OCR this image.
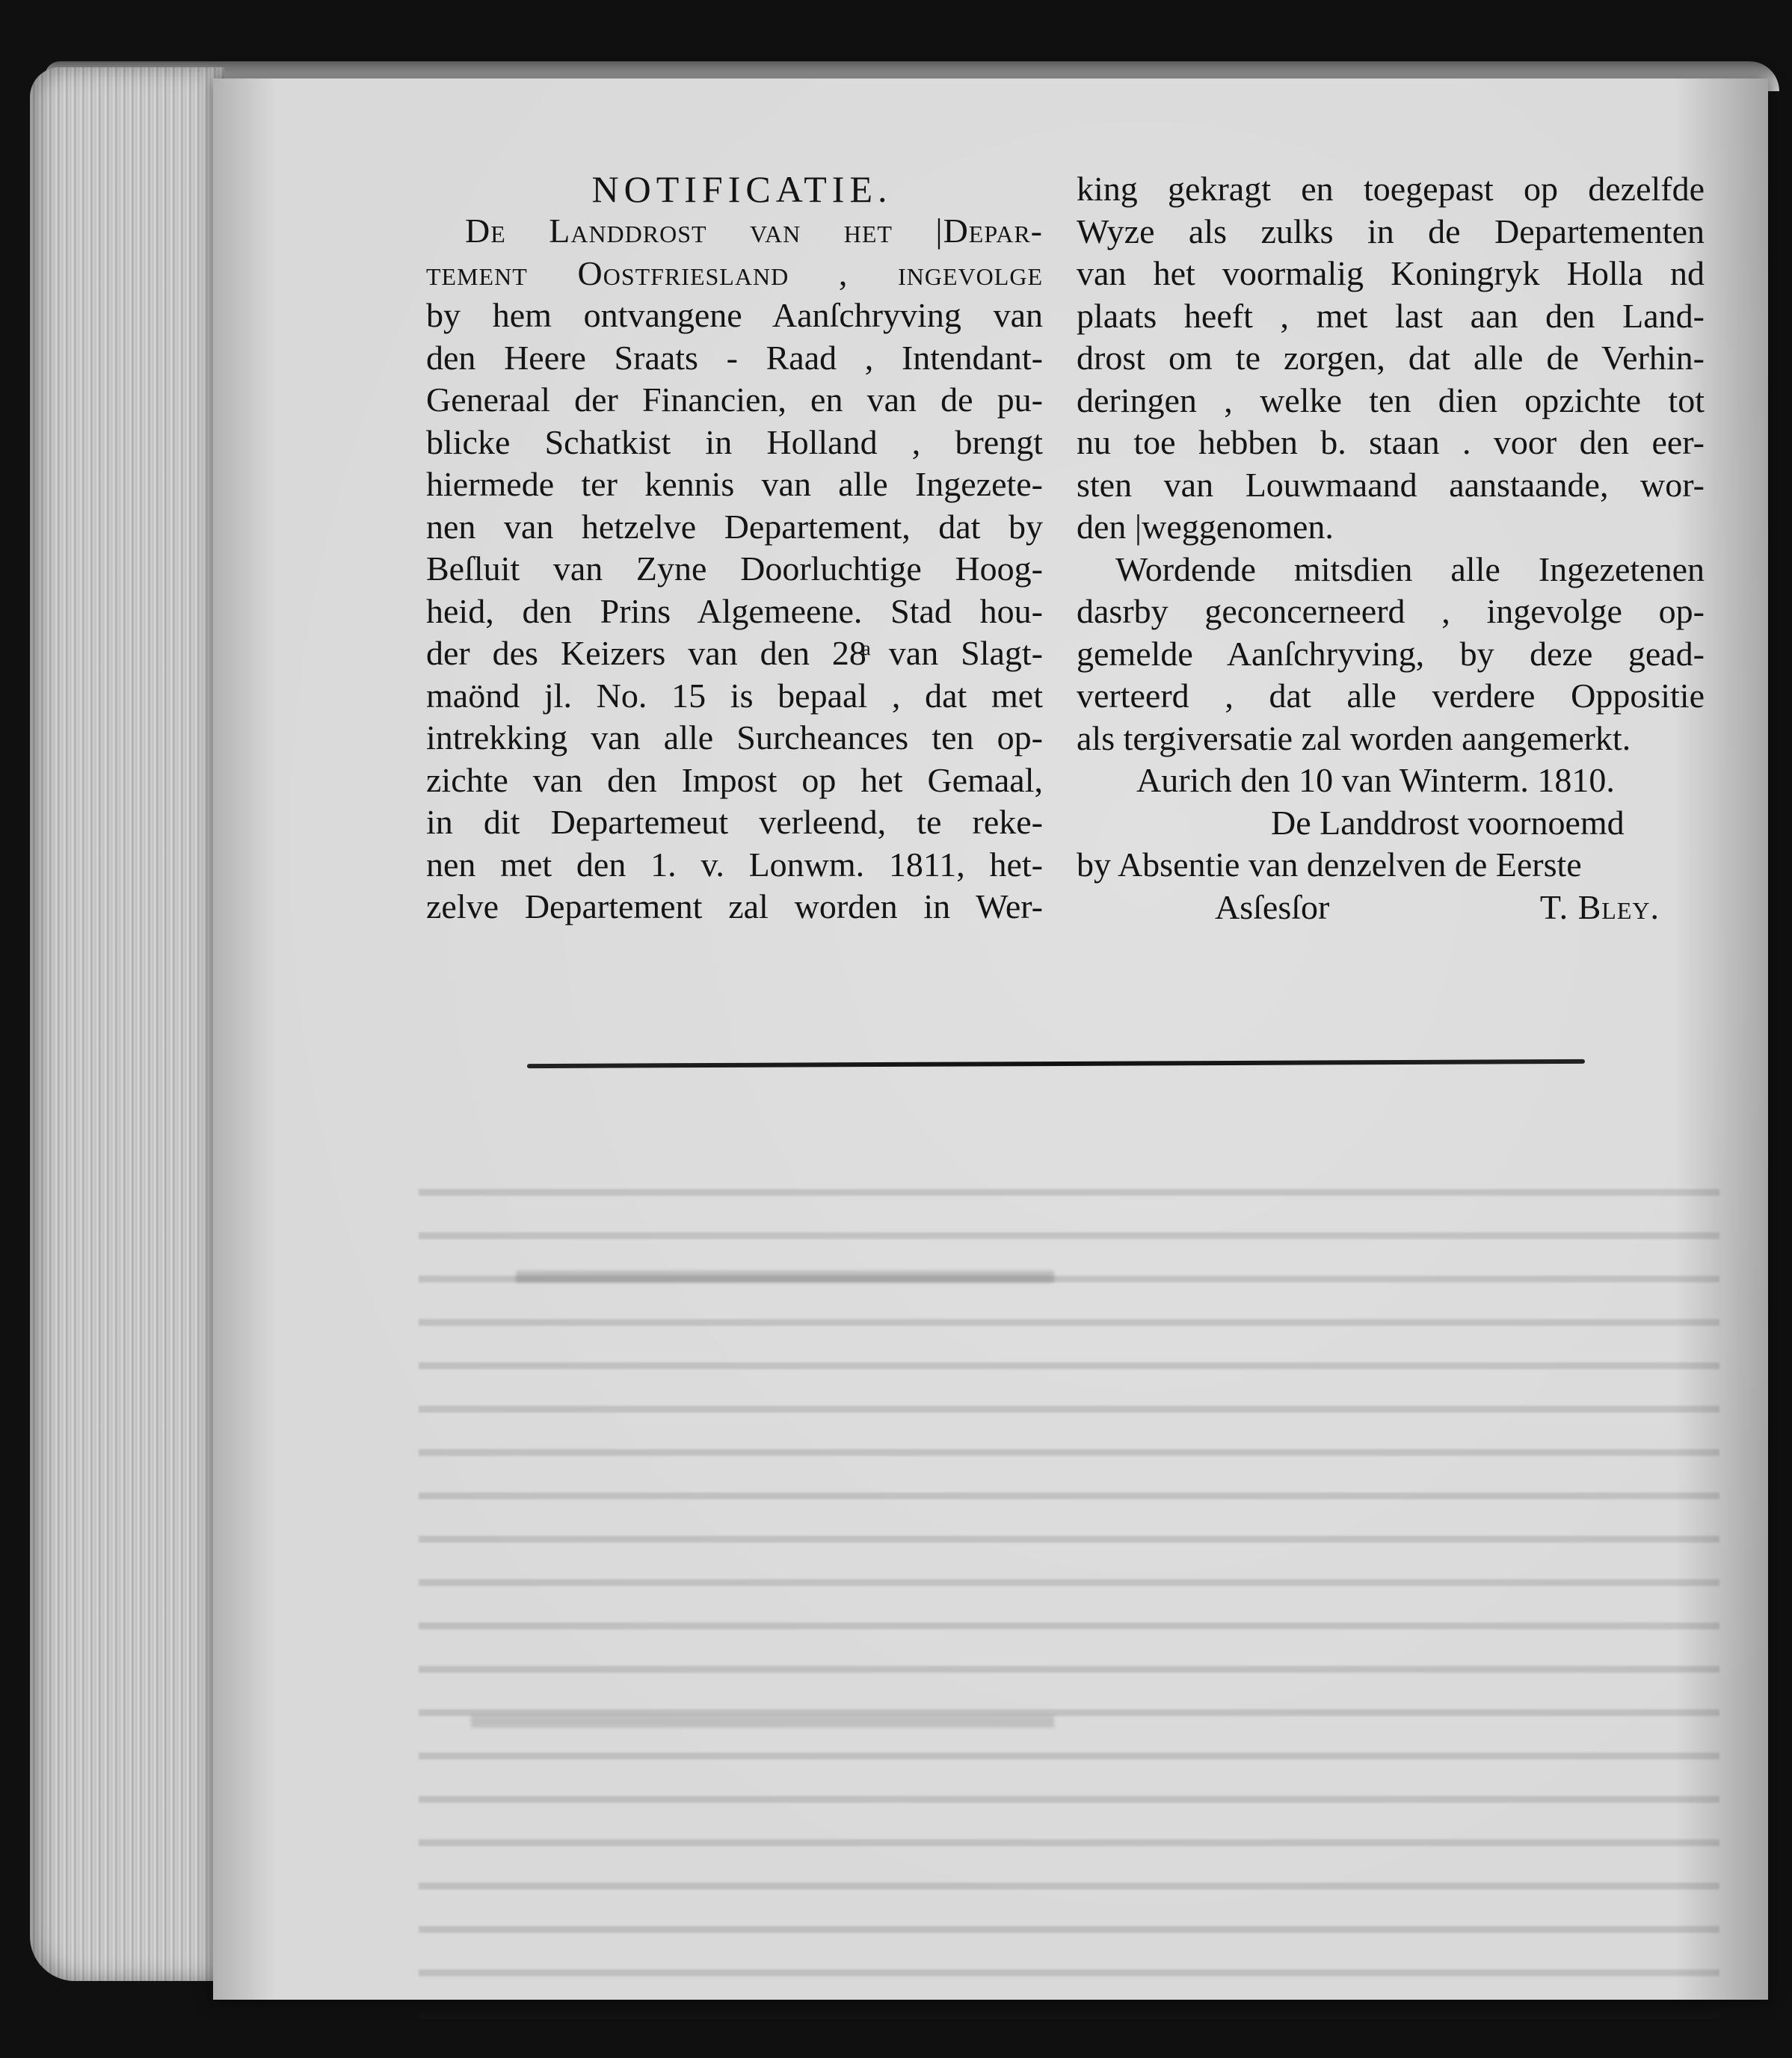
NOTIFICATIE.
De Landdrost van het |Depar-
tement Oostfriesland , ingevolge
by hem ontvangene Aanſchryving van
den Heere Sraats - Raad , Intendant-
Generaal der Financien, en van de pu-
blicke Schatkist in Holland , brengt
hiermede ter kennis van alle Ingezete-
nen van hetzelve Departement, dat by
Beſluit van Zyne Doorluchtige Hoog-
heid, den Prins Algemeene. Stad hou-
der des Keizers van den 28ͣ van Slagt-
maönd jl. No. 15 is bepaal , dat met
intrekking van alle Surcheances ten op-
zichte van den Impost op het Gemaal,
in dit Departemeut verleend, te reke-
nen met den 1. v. Lonwm. 1811, het-
zelve Departement zal worden in Wer-
king gekragt en toegepast op dezelfde
Wyze als zulks in de Departementen
van het voormalig Koningryk Holla nd
plaats heeft , met last aan den Land-
drost om te zorgen, dat alle de Verhin-
deringen , welke ten dien opzichte tot
nu toe hebben b. staan . voor den eer-
sten van Louwmaand aanstaande, wor-
den |weggenomen.
Wordende mitsdien alle Ingezetenen
dasrby geconcerneerd , ingevolge op-
gemelde Aanſchryving, by deze gead-
verteerd , dat alle verdere Oppositie
als tergiversatie zal worden aangemerkt.
Aurich den 10 van Winterm. 1810.
De Landdrost voornoemd
by Absentie van denzelven de Eerste
Asſesſor	T. Bley.
